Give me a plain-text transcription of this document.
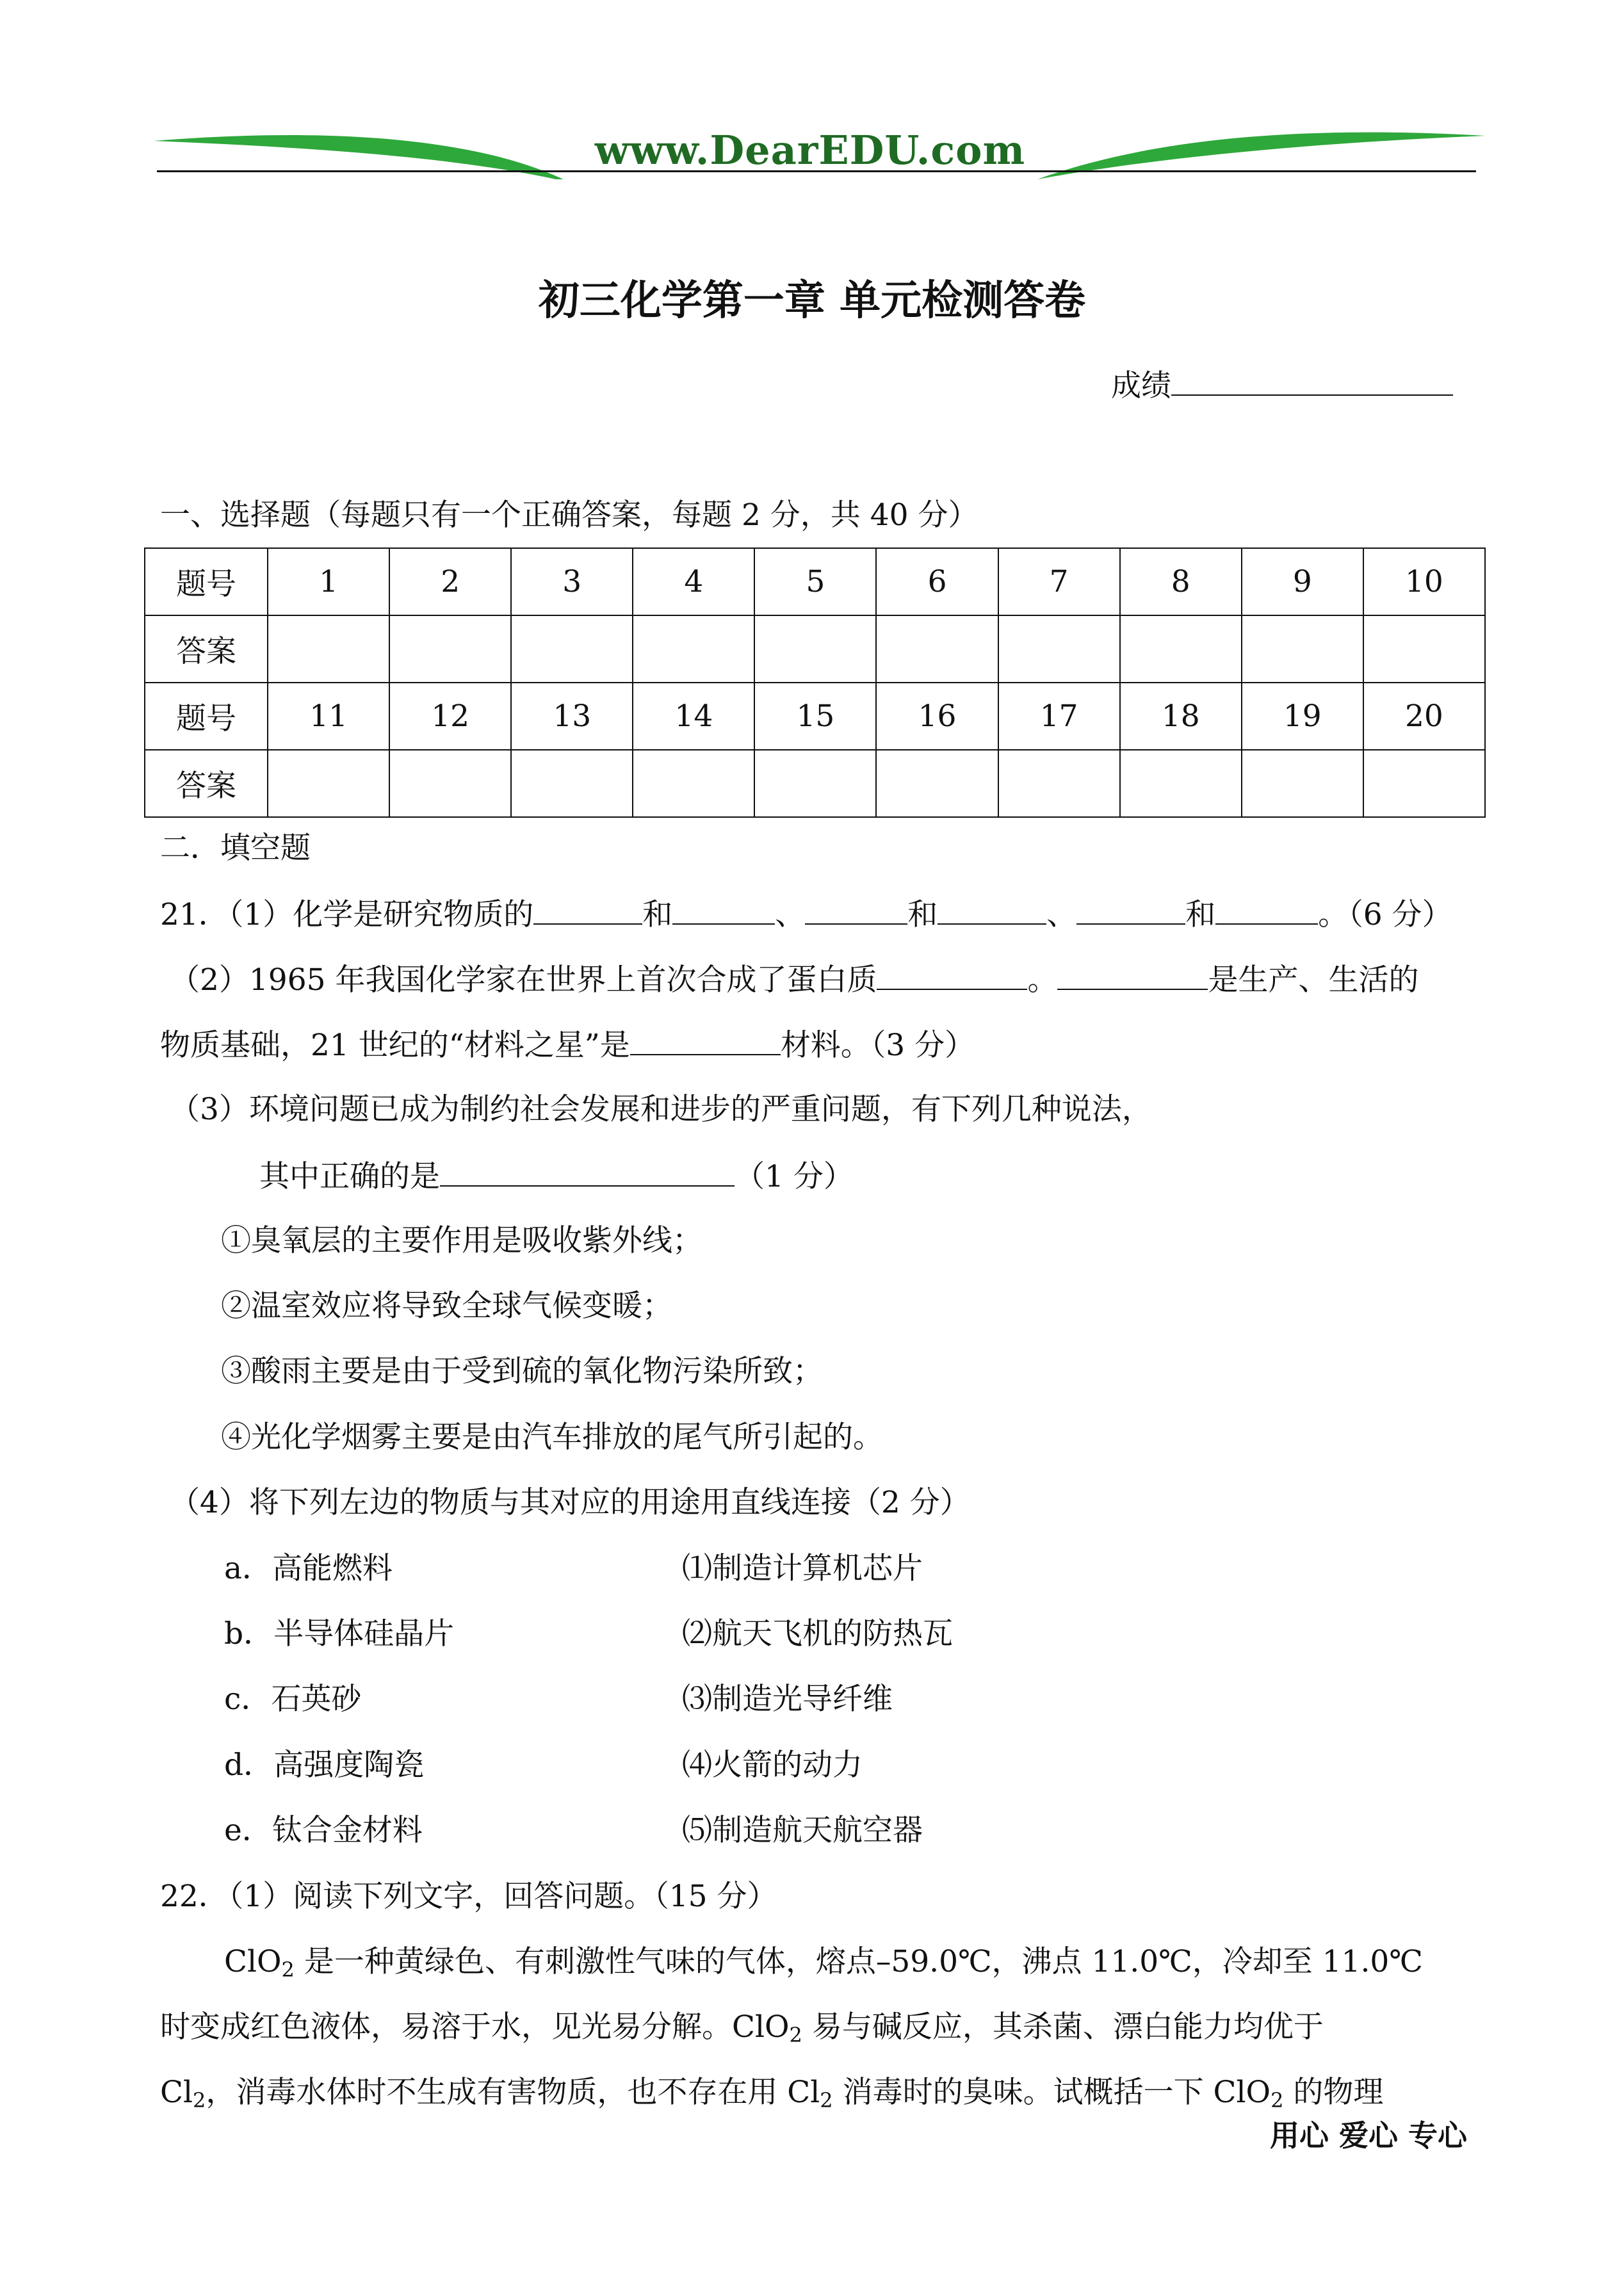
www.DearEDU.com
初三化学第一章 单元检测答卷
成绩
一、选择题（每题只有一个正确答案，每题 2 分，共 40 分）
题号	1	2	3	4	5	6	7	8	9	10
答案										
题号	11	12	13	14	15	16	17	18	19	20
答案										
二．填空题
21．（1）化学是研究物质的	和	、	和	、	和	。（6 分）
（2）1965 年我国化学家在世界上首次合成了蛋白质	。	是生产、生活的
物质基础，21 世纪的“材料之星”是	材料。（3 分）
（3）环境问题已成为制约社会发展和进步的严重问题，有下列几种说法，
其中正确的是	（1 分）
①臭氧层的主要作用是吸收紫外线；
②温室效应将导致全球气候变暖；
③酸雨主要是由于受到硫的氧化物污染所致；
④光化学烟雾主要是由汽车排放的尾气所引起的。
（4）将下列左边的物质与其对应的用途用直线连接（2 分）
a．高能燃料	⑴制造计算机芯片
b．半导体硅晶片	⑵航天飞机的防热瓦
c．石英砂	⑶制造光导纤维
d．高强度陶瓷	⑷火箭的动力
e．钛合金材料	⑸制造航天航空器
22．（1）阅读下列文字，回答问题。（15 分）
ClO$_2$ 是一种黄绿色、有刺激性气味的气体，熔点–59.0℃，沸点 11.0℃，冷却至 11.0℃
时变成红色液体，易溶于水，见光易分解。ClO$_2$ 易与碱反应，其杀菌、漂白能力均优于
$Cl_2$，消毒水体时不生成有害物质，也不存在用 $Cl_2$ 消毒时的臭味。试概括一下 ClO$_2$ 的物理
用心 爱心 专心
